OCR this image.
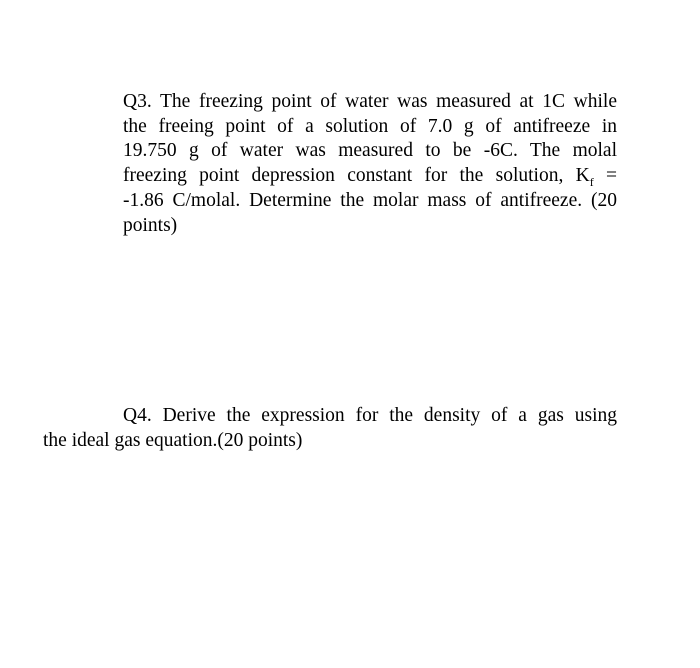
Q3. The freezing point of water was measured at 1C while
the freeing point of a solution of 7.0 g of antifreeze in
19.750 g of water was measured to be -6C. The molal
freezing point depression constant for the solution, $K_f$ =
-1.86 C/molal. Determine the molar mass of antifreeze. (20
points)
Q4. Derive the expression for the density of a gas using
the ideal gas equation.(20 points)
